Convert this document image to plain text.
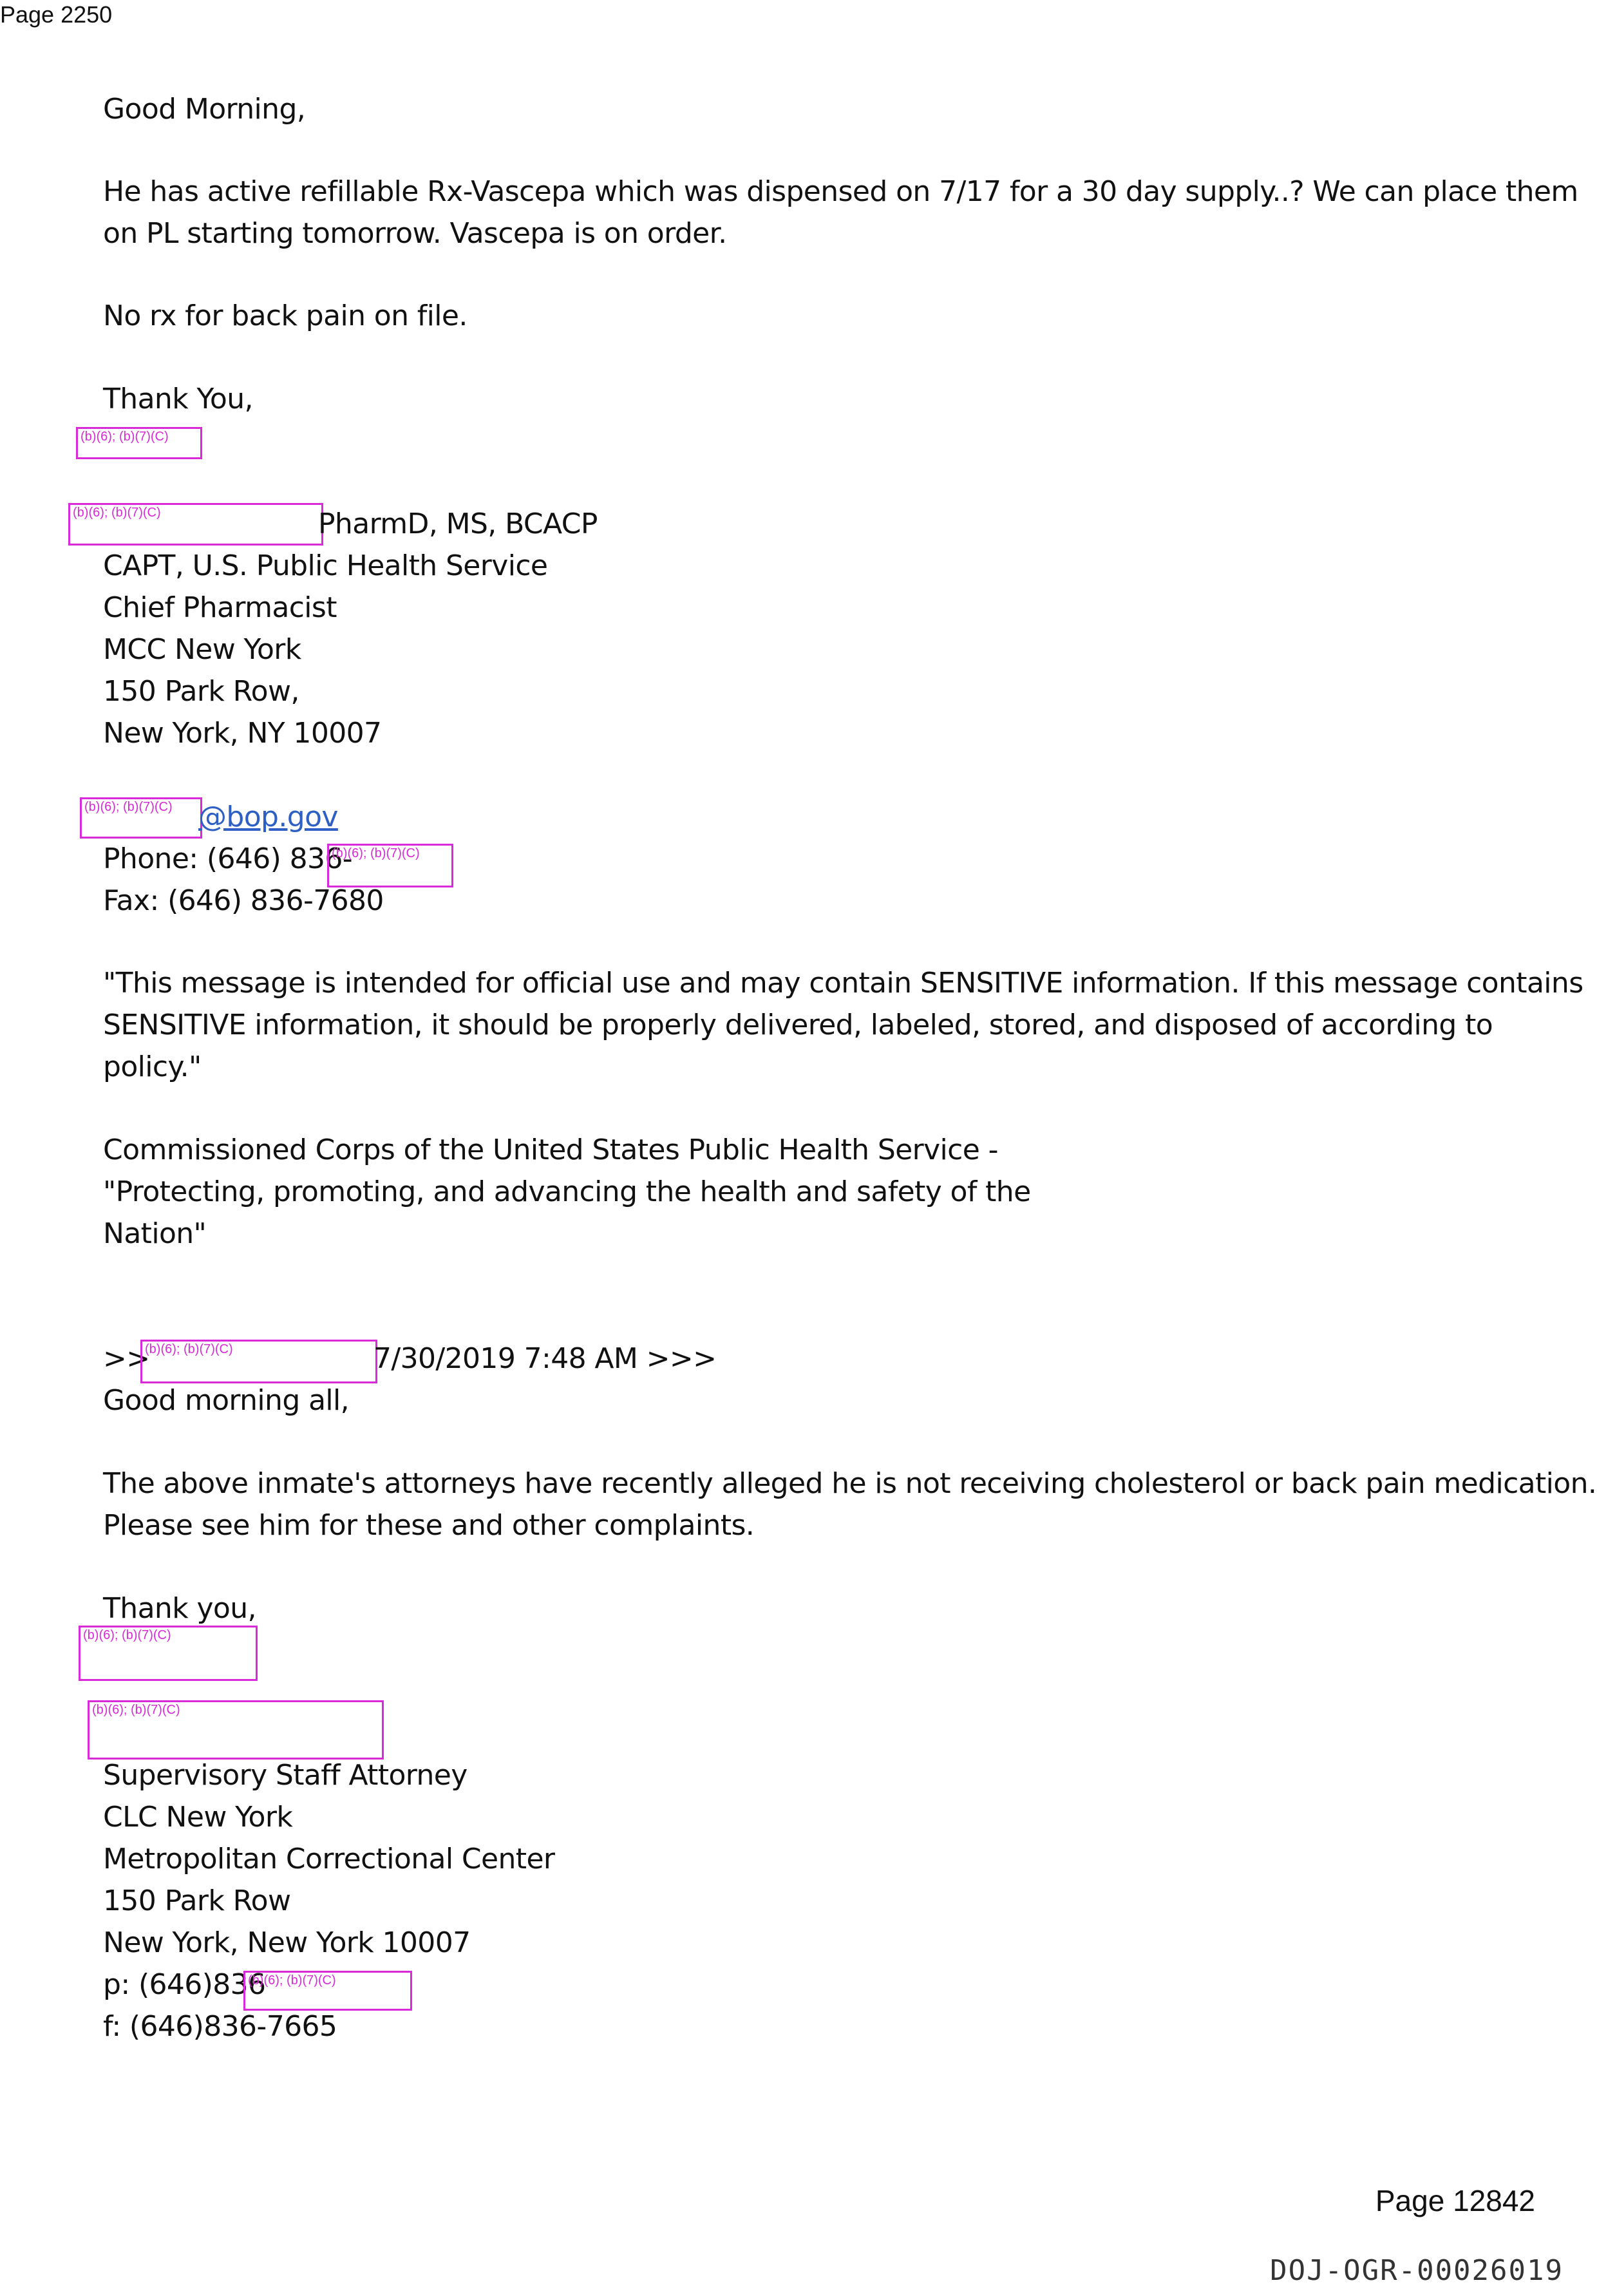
Page 2250
Good Morning,
He has active refillable Rx-Vascepa which was dispensed on 7/17 for a 30 day supply..? We can place them
on PL starting tomorrow. Vascepa is on order.
No rx for back pain on file.
Thank You,
(b)(6); (b)(7)(C)
(b)(6); (b)(7)(C)	PharmD, MS, BCACP
CAPT, U.S. Public Health Service
Chief Pharmacist
MCC New York
150 Park Row,
New York, NY 10007
(b)(6); (b)(7)(C) @bop.gov
Phone: (646) 836-
(b)(6); (b)(7)(C)
Fax: (646) 836-7680
"This message is intended for official use and may contain SENSITIVE information. If this message contains
SENSITIVE information, it should be properly delivered, labeled, stored, and disposed of according to
policy."
Commissioned Corps of the United States Public Health Service -
"Protecting, promoting, and advancing the health and safety of the
Nation"
>>
(b)(6); (b)(7)(C)	7/30/2019 7:48 AM >>>
Good morning all,
The above inmate's attorneys have recently alleged he is not receiving cholesterol or back pain medication.
Please see him for these and other complaints.
Thank you,
(b)(6); (b)(7)(C)
(b)(6); (b)(7)(C)
Supervisory Staff Attorney
CLC New York
Metropolitan Correctional Center
150 Park Row
New York, New York 10007
p: (646)836
(b)(6); (b)(7)(C)
f: (646)836-7665
Page 12842
DOJ-OGR-00026019
